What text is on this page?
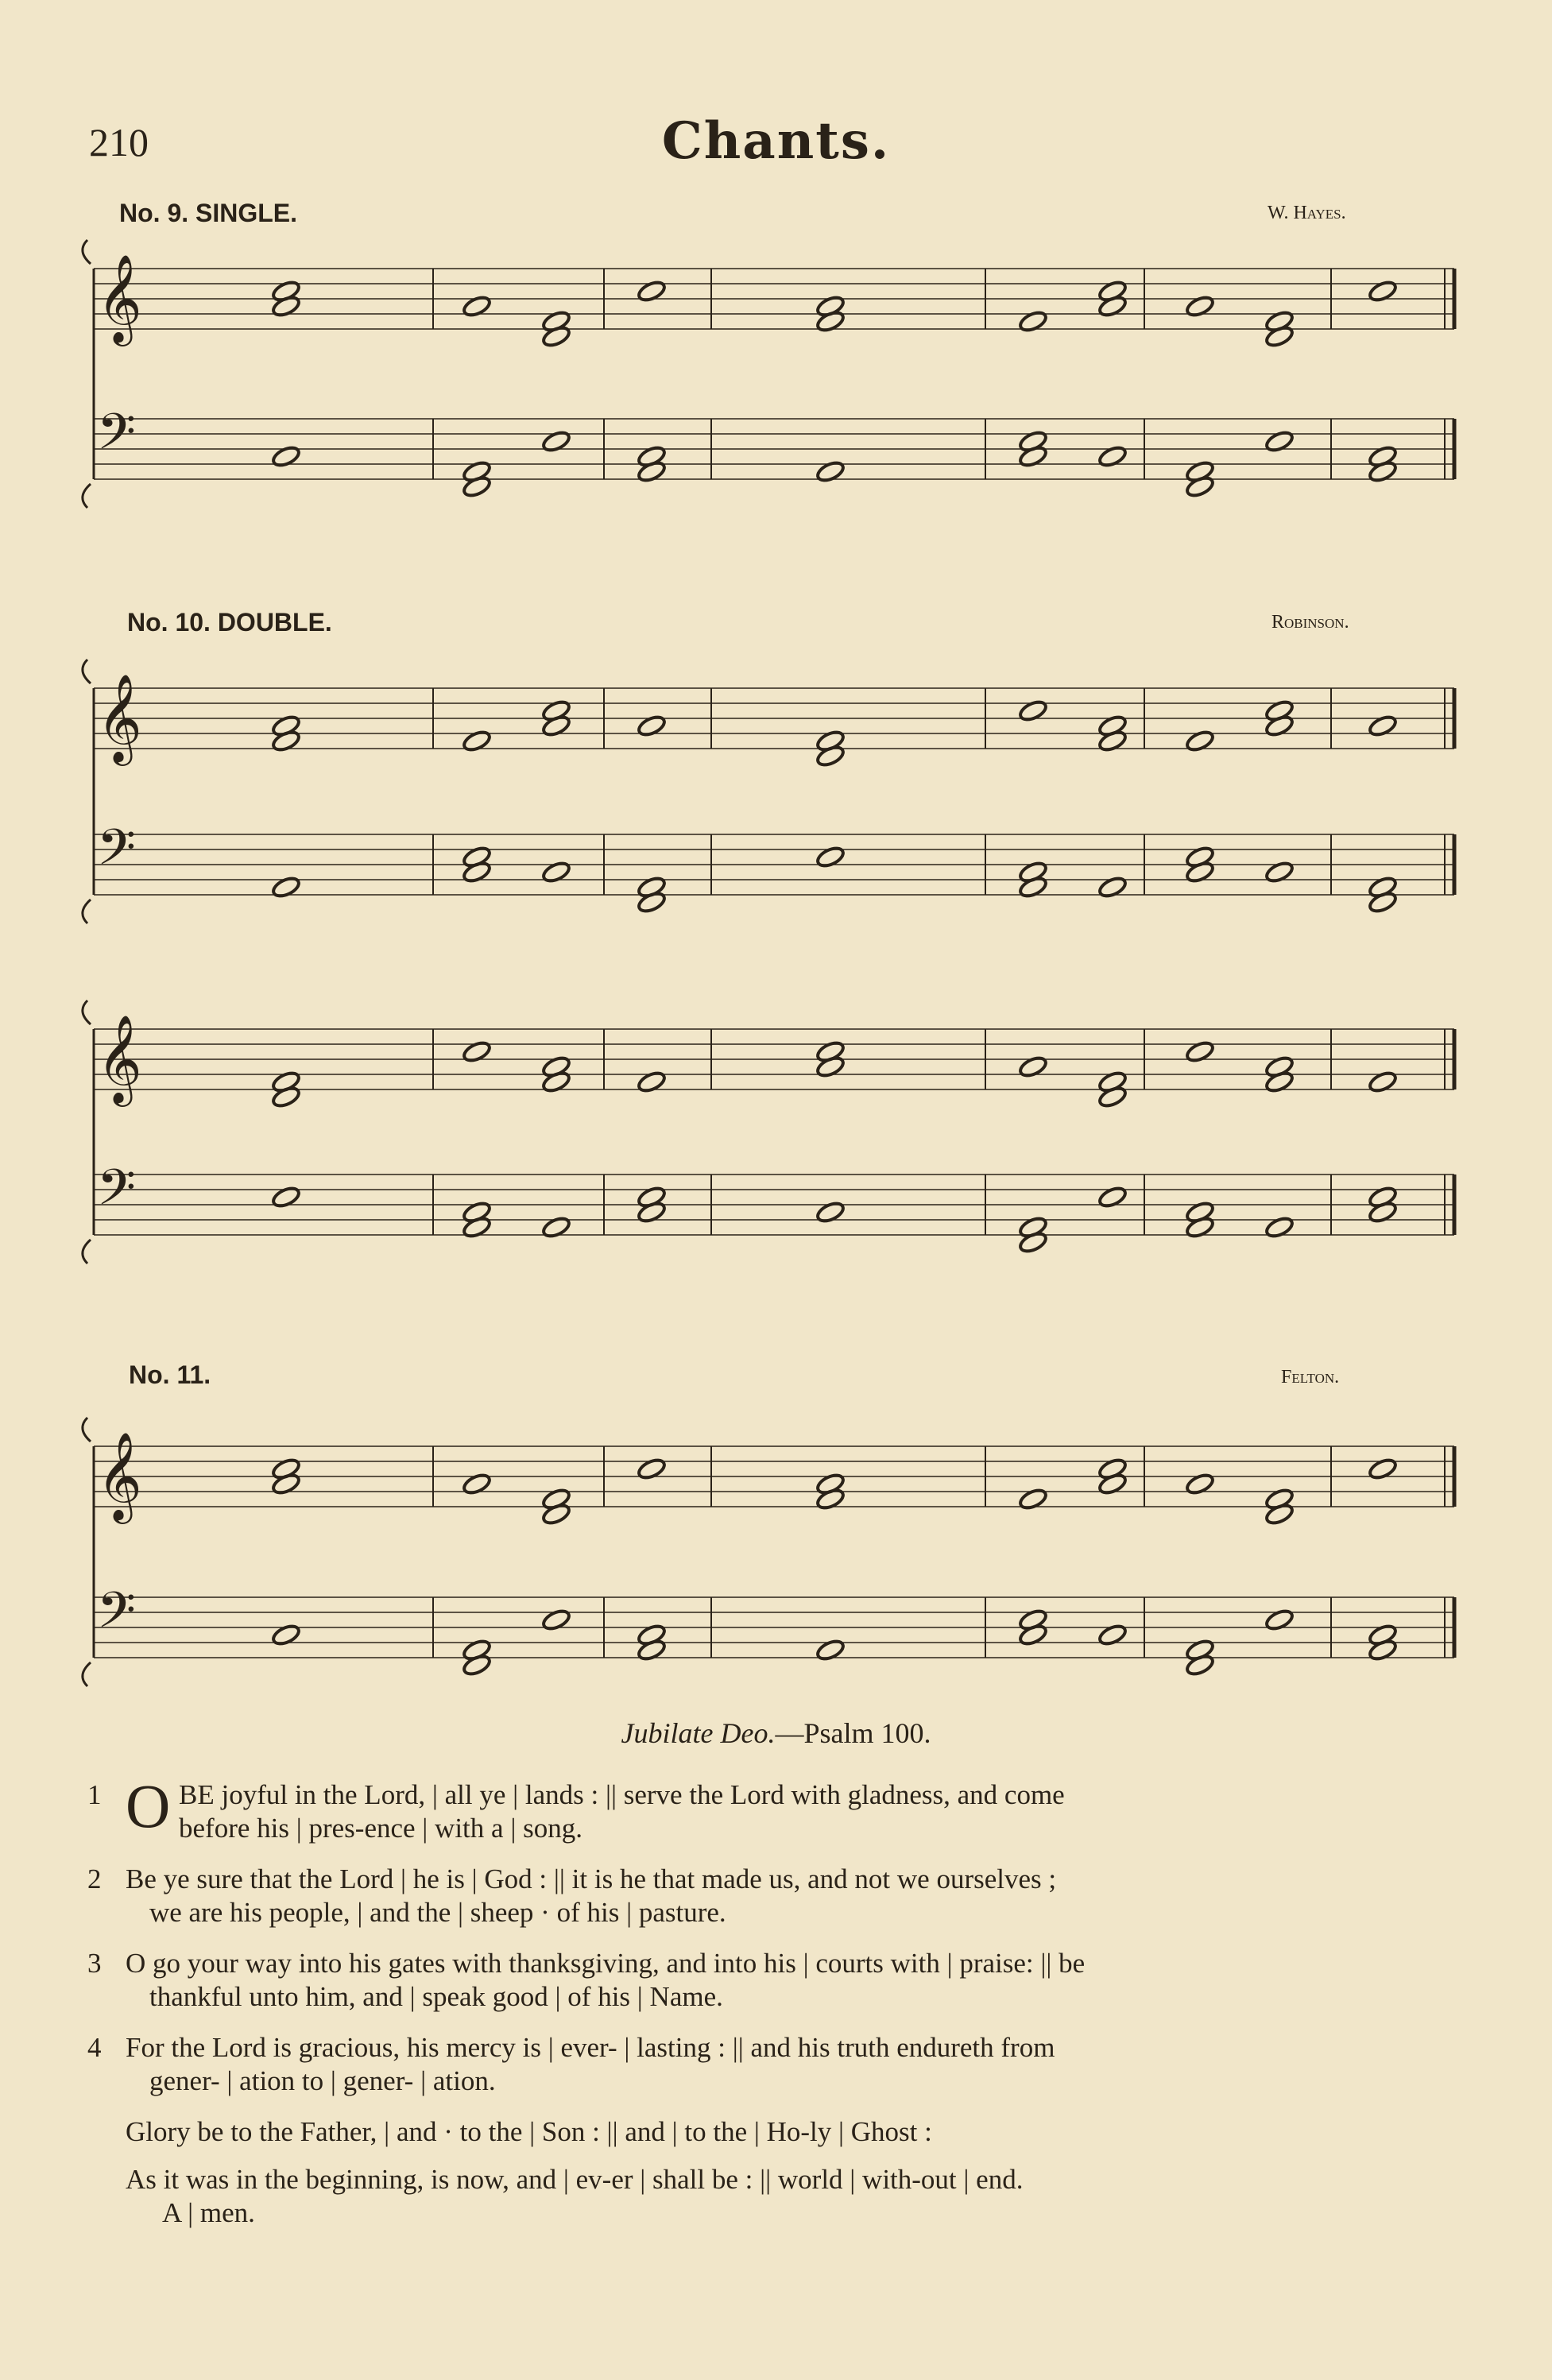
210	Chants.
No. 9. SINGLE.	W. Hayes.
No. 10. DOUBLE.	Robinson.
No. 11.	Felton.
𝄞
𝄢
𝄞
𝄢
𝄞
𝄢
𝄞
𝄢
Jubilate Deo.—Psalm 100.
1 O BE joyful in the Lord, | all ye | lands : || serve the Lord with gladness, and come
before his | pres-ence | with a | song.
2 Be ye sure that the Lord | he is | God : || it is he that made us, and not we ourselves ;
we are his people, | and the | sheep · of his | pasture.
3 O go your way into his gates with thanksgiving, and into his | courts with | praise: || be
thankful unto him, and | speak good | of his | Name.
4 For the Lord is gracious, his mercy is | ever- | lasting : || and his truth endureth from
gener- | ation to | gener- | ation.
Glory be to the Father, | and · to the | Son : || and | to the | Ho-ly | Ghost :
As it was in the beginning, is now, and | ev-er | shall be : || world | with-out | end.
A | men.
